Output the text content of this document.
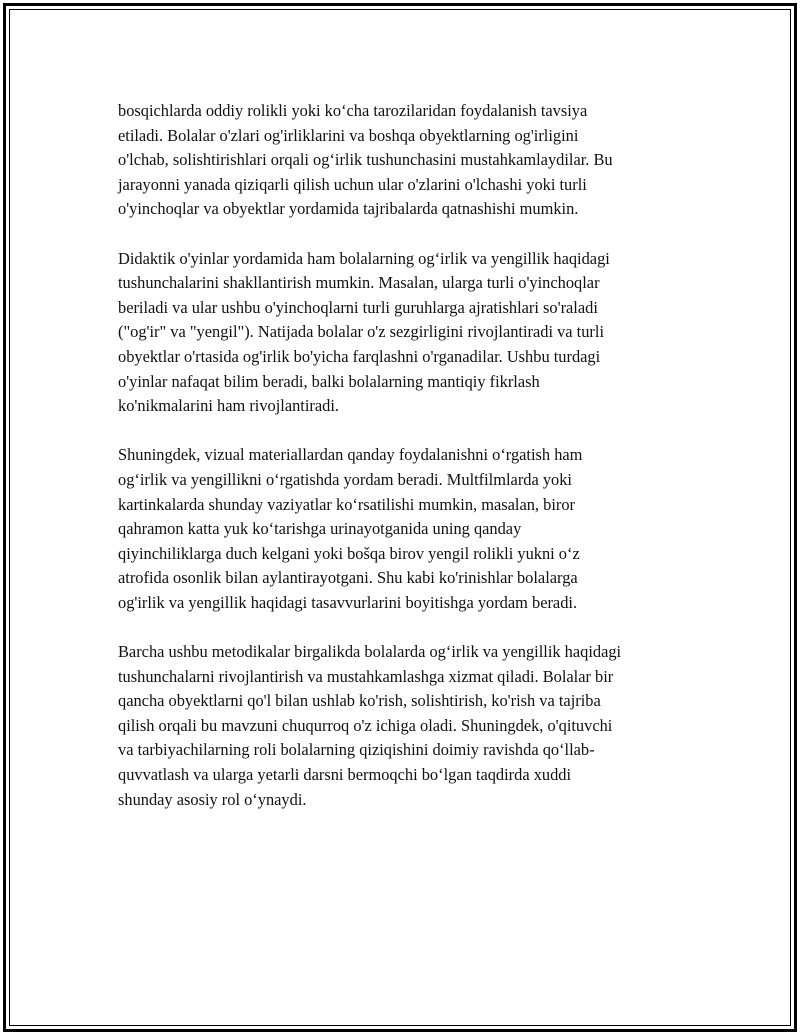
bosqichlarda oddiy rolikli yoki ko‘cha tarozilaridan foydalanish tavsiya
etiladi. Bolalar o'zlari og'irliklarini va boshqa obyektlarning og'irligini
o'lchab, solishtirishlari orqali og‘irlik tushunchasini mustahkamlaydilar. Bu
jarayonni yanada qiziqarli qilish uchun ular o'zlarini o'lchashi yoki turli
o'yinchoqlar va obyektlar yordamida tajribalarda qatnashishi mumkin.

Didaktik o'yinlar yordamida ham bolalarning og‘irlik va yengillik haqidagi
tushunchalarini shakllantirish mumkin. Masalan, ularga turli o'yinchoqlar
beriladi va ular ushbu o'yinchoqlarni turli guruhlarga ajratishlari so'raladi
("og'ir" va "yengil"). Natijada bolalar o'z sezgirligini rivojlantiradi va turli
obyektlar o'rtasida og'irlik bo'yicha farqlashni o'rganadilar. Ushbu turdagi
o'yinlar nafaqat bilim beradi, balki bolalarning mantiqiy fikrlash
ko'nikmalarini ham rivojlantiradi.

Shuningdek, vizual materiallardan qanday foydalanishni o‘rgatish ham
og‘irlik va yengillikni o‘rgatishda yordam beradi. Multfilmlarda yoki
kartinkalarda shunday vaziyatlar ko‘rsatilishi mumkin, masalan, biror
qahramon katta yuk ko‘tarishga urinayotganida uning qanday
qiyinchiliklarga duch kelgani yoki bošqa birov yengil rolikli yukni o‘z
atrofida osonlik bilan aylantirayotgani. Shu kabi ko'rinishlar bolalarga
og'irlik va yengillik haqidagi tasavvurlarini boyitishga yordam beradi.

Barcha ushbu metodikalar birgalikda bolalarda og‘irlik va yengillik haqidagi
tushunchalarni rivojlantirish va mustahkamlashga xizmat qiladi. Bolalar bir
qancha obyektlarni qo'l bilan ushlab ko'rish, solishtirish, ko'rish va tajriba
qilish orqali bu mavzuni chuqurroq o'z ichiga oladi. Shuningdek, o'qituvchi
va tarbiyachilarning roli bolalarning qiziqishini doimiy ravishda qo‘llab-
quvvatlash va ularga yetarli darsni bermoqchi bo‘lgan taqdirda xuddi
shunday asosiy rol o‘ynaydi.
